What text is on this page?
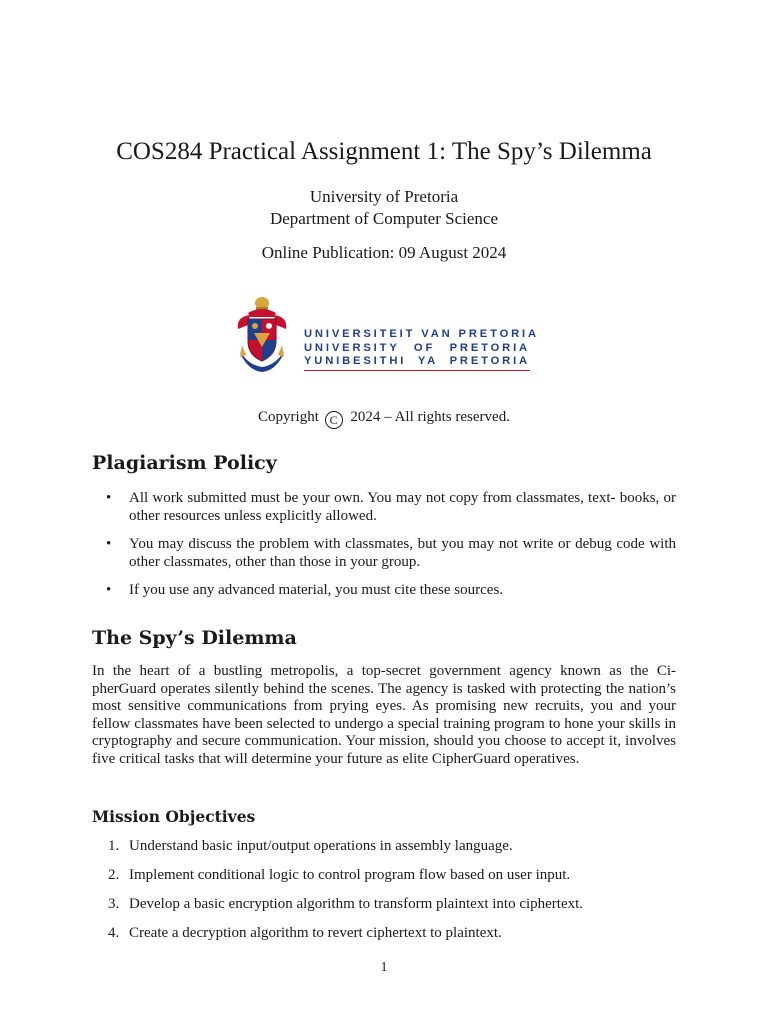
COS284 Practical Assignment 1: The Spy’s Dilemma
University of Pretoria
Department of Computer Science
Online Publication: 09 August 2024
UNIVERSITEIT VAN PRETORIA
UNIVERSITY OF PRETORIA
YUNIBESITHI YA PRETORIA
Copyright C 2024 – All rights reserved.
Plagiarism Policy
• All work submitted must be your own. You may not copy from classmates, text- books, or other resources unless explicitly allowed.
• You may discuss the problem with classmates, but you may not write or debug code with other classmates, other than those in your group.
• If you use any advanced material, you must cite these sources.
The Spy’s Dilemma

In the heart of a bustling metropolis, a top-secret government agency known as the Ci- pherGuard operates silently behind the scenes. The agency is tasked with protecting the nation’s most sensitive communications from prying eyes. As promising new recruits, you and your fellow classmates have been selected to undergo a special training program to hone your skills in cryptography and secure communication. Your mission, should you choose to accept it, involves five critical tasks that will determine your future as elite CipherGuard operatives.

Mission Objectives
1. Understand basic input/output operations in assembly language.
2. Implement conditional logic to control program flow based on user input.
3. Develop a basic encryption algorithm to transform plaintext into ciphertext.
4. Create a decryption algorithm to revert ciphertext to plaintext.
1
